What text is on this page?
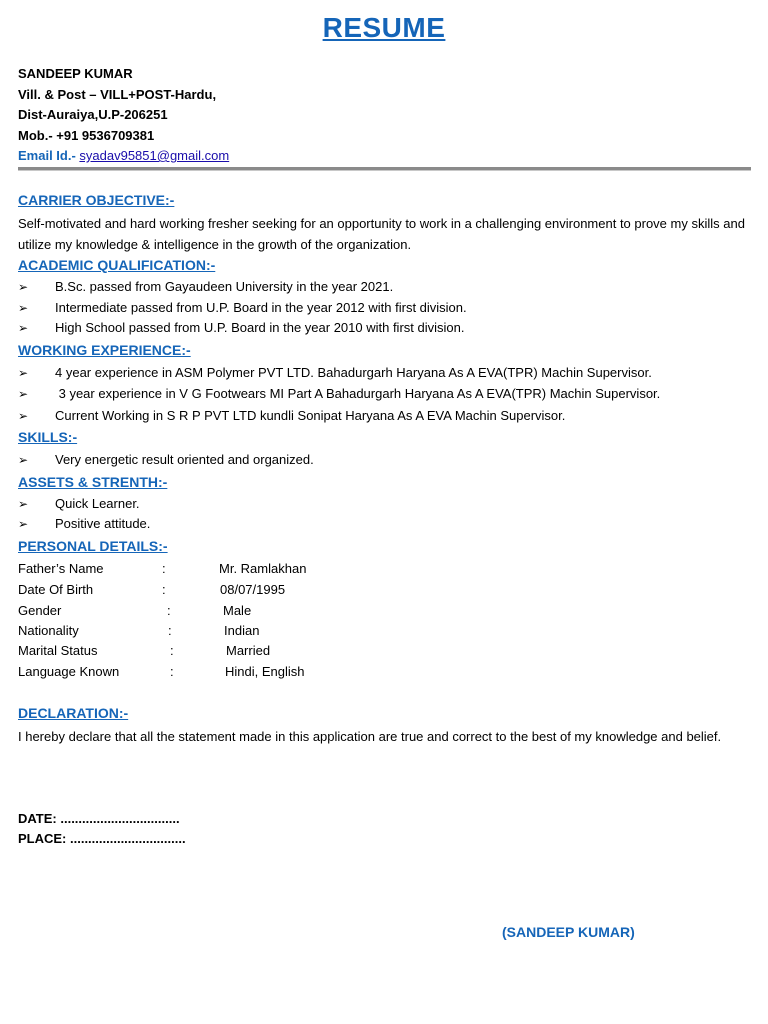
RESUME
SANDEEP KUMAR
Vill. & Post – VILL+POST-Hardu,
Dist-Auraiya,U.P-206251
Mob.- +91 9536709381
Email Id.- syadav95851@gmail.com
CARRIER OBJECTIVE:-
Self-motivated and hard working fresher seeking for an opportunity to work in a challenging environment to prove my skills and utilize my knowledge & intelligence in the growth of the organization.
ACADEMIC QUALIFICATION:-
➢ B.Sc. passed from Gayaudeen University in the year 2021.
➢ Intermediate passed from U.P. Board in the year 2012 with first division.
➢ High School passed from U.P. Board in the year 2010 with first division.
WORKING EXPERIENCE:-
➢ 4 year experience in ASM Polymer PVT LTD. Bahadurgarh Haryana As A EVA(TPR) Machin Supervisor.
➢ 3 year experience in V G Footwears MI Part A Bahadurgarh Haryana As A EVA(TPR) Machin Supervisor.
➢ Current Working in S R P PVT LTD kundli Sonipat Haryana As A EVA Machin Supervisor.
SKILLS:-
➢ Very energetic result oriented and organized.
ASSETS & STRENTH:-
➢ Quick Learner.
➢ Positive attitude.
PERSONAL DETAILS:-
Father’s Name	:	Mr. Ramlakhan
Date Of Birth	:	08/07/1995
Gender	:	Male
Nationality	:	Indian
Marital Status	:	Married
Language Known	:	Hindi, English
DECLARATION:-
I hereby declare that all the statement made in this application are true and correct to the best of my knowledge and belief.
DATE: .................................
PLACE: ................................
(SANDEEP KUMAR)
